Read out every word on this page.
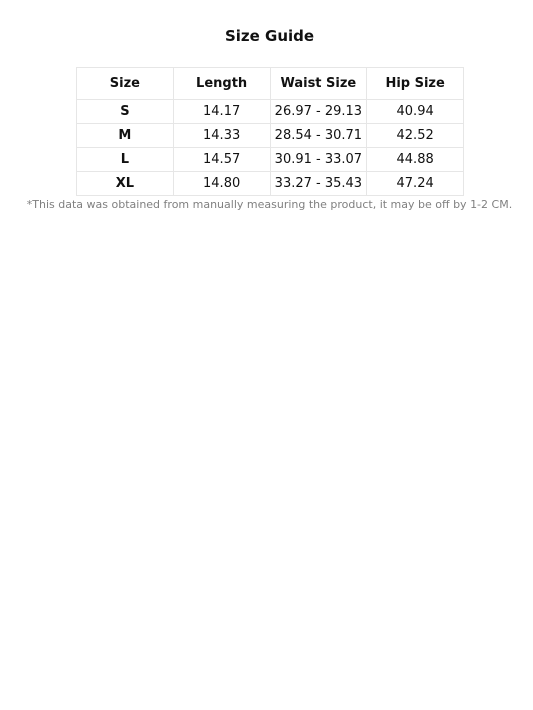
Size Guide
Size	Length	Waist Size	Hip Size
S	14.17	26.97 - 29.13	40.94
M	14.33	28.54 - 30.71	42.52
L	14.57	30.91 - 33.07	44.88
XL	14.80	33.27 - 35.43	47.24
*This data was obtained from manually measuring the product, it may be off by 1-2 CM.
